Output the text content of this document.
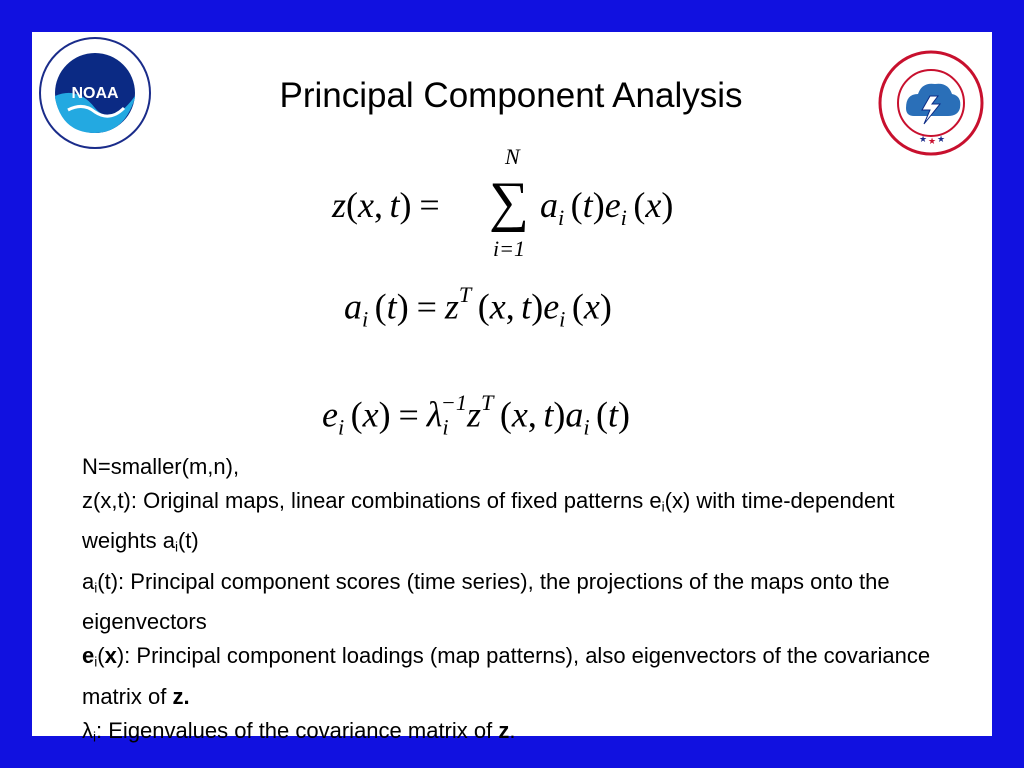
NOAA
★ ★ ★
Principal Component Analysis
z(x, t) =
N
∑
i=1
$a_i$ $(t)e_i$ (x)
$a_i$ $(t) = z^T$ (x, $t)e_i$ (x)
$e_i$ $(x) = \lambda_i^{-1}z^T$ (x, $t)a_i$ (t)

N=smaller(m,n),

z(x,t): Original maps, linear combinations of fixed patterns $e_i(x)$ with time-dependent weights $a_i(t)$

$a_i(t)$: Principal component scores (time series), the projections of the maps onto the eigenvectors

$e_i(x)$: Principal component loadings (map patterns), also eigenvectors of the covariance matrix of z.

$\lambda_i$: Eigenvalues of the covariance matrix of z.
